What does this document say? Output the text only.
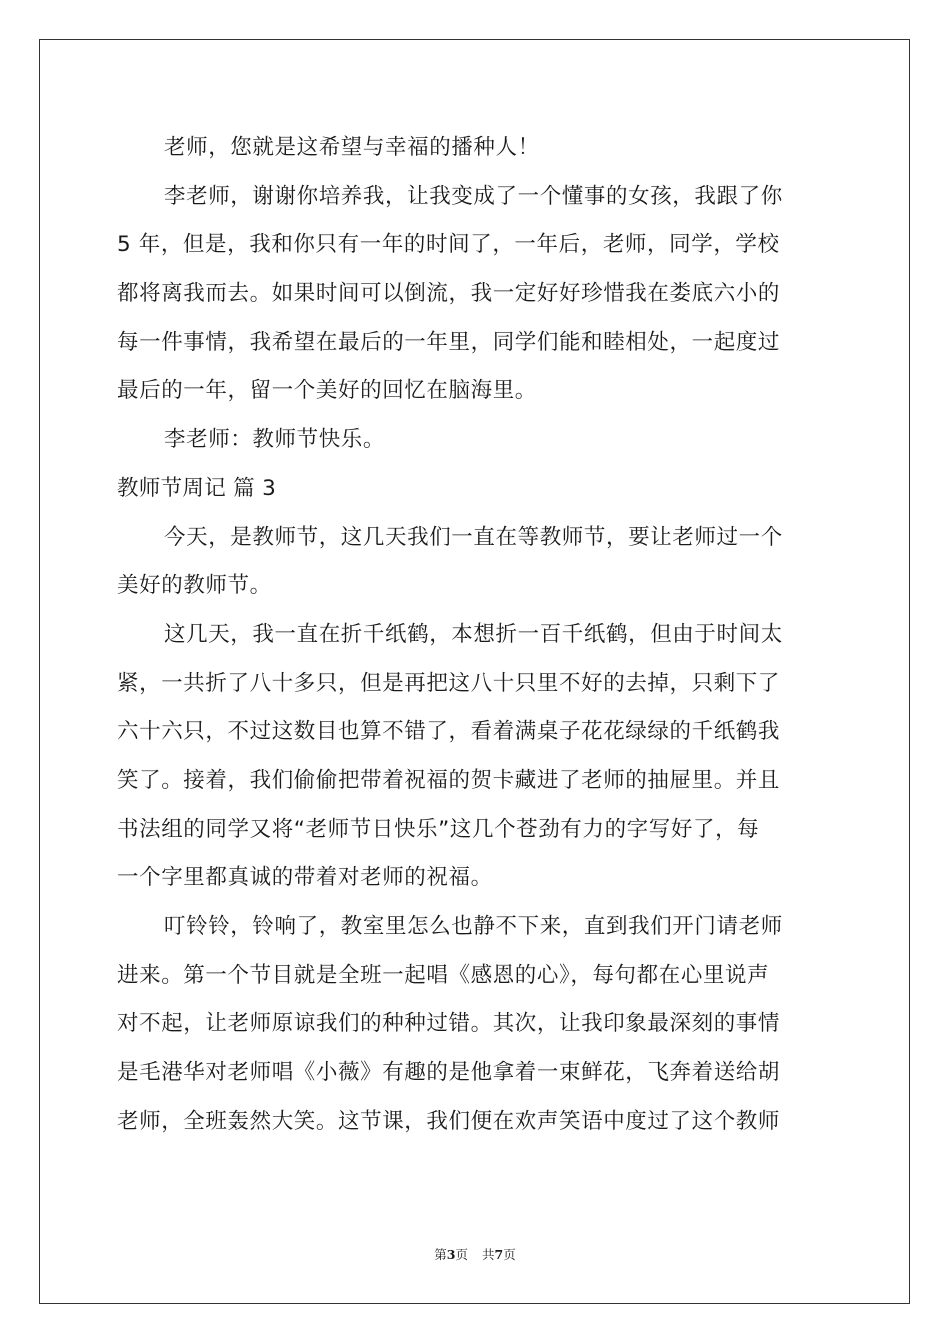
老师，您就是这希望与幸福的播种人！
李老师，谢谢你培养我，让我变成了一个懂事的女孩，我跟了你
5 年，但是，我和你只有一年的时间了，一年后，老师，同学，学校
都将离我而去。如果时间可以倒流，我一定好好珍惜我在娄底六小的
每一件事情，我希望在最后的一年里，同学们能和睦相处，一起度过
最后的一年，留一个美好的回忆在脑海里。
李老师：教师节快乐。
教师节周记 篇 3
今天，是教师节，这几天我们一直在等教师节，要让老师过一个
美好的教师节。
这几天，我一直在折千纸鹤，本想折一百千纸鹤，但由于时间太
紧，一共折了八十多只，但是再把这八十只里不好的去掉，只剩下了
六十六只，不过这数目也算不错了，看着满桌子花花绿绿的千纸鹤我
笑了。接着，我们偷偷把带着祝福的贺卡藏进了老师的抽屉里。并且
书法组的同学又将“老师节日快乐”这几个苍劲有力的字写好了，每
一个字里都真诚的带着对老师的祝福。
叮铃铃，铃响了，教室里怎么也静不下来，直到我们开门请老师
进来。第一个节目就是全班一起唱《感恩的心》，每句都在心里说声
对不起，让老师原谅我们的种种过错。其次，让我印象最深刻的事情
是毛港华对老师唱《小薇》有趣的是他拿着一束鲜花，飞奔着送给胡
老师，全班轰然大笑。这节课，我们便在欢声笑语中度过了这个教师
第3页 共7页
